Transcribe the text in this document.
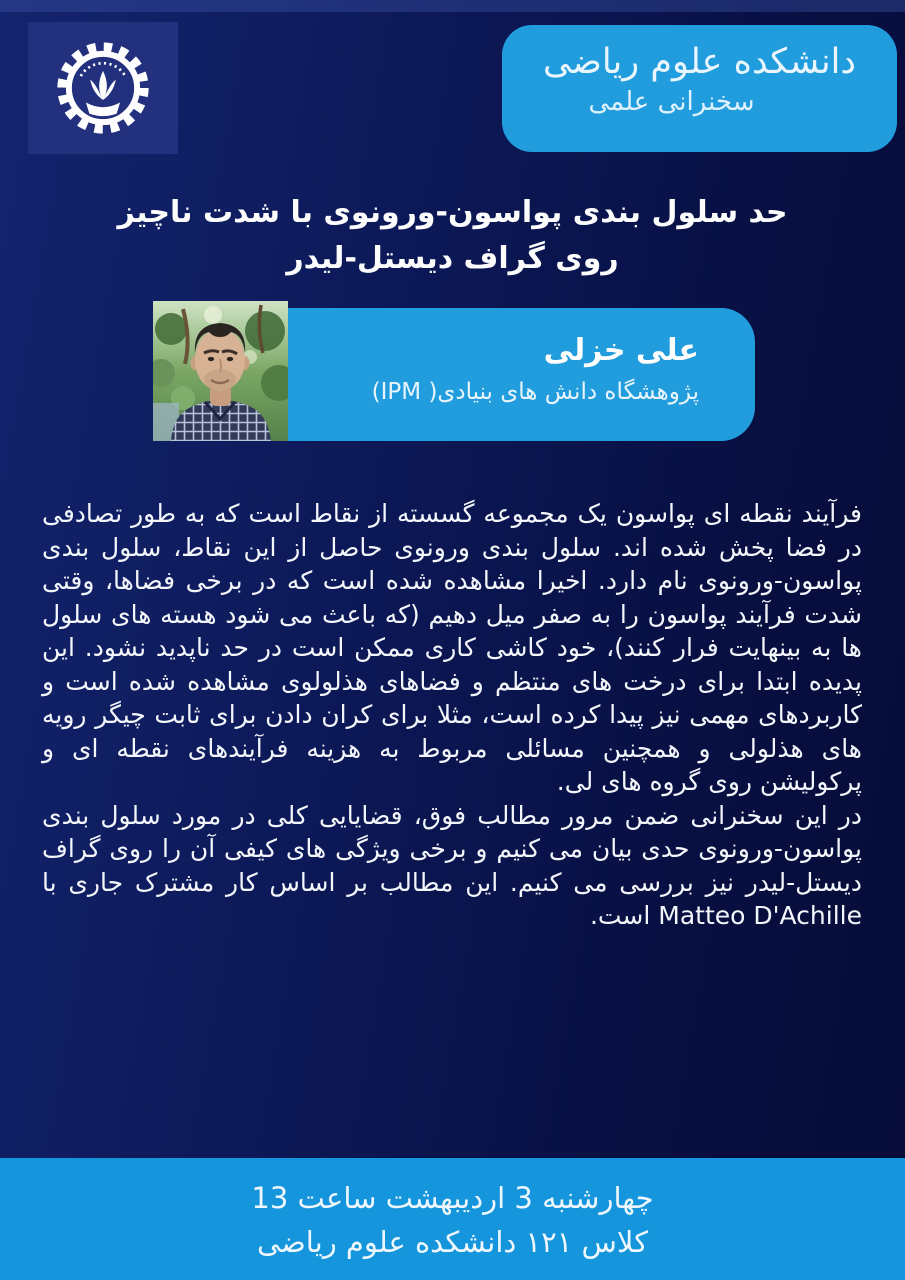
دانشکده علوم ریاضی
سخنرانی علمی
حد سلول بندی پواسون-ورونوی با شدت ناچیز
روی گراف دیستل-لیدر
علی خزلی
پژوهشگاه دانش های بنیادی( IPM)

فرآیند نقطه ای پواسون یک مجموعه گسسته از نقاط است که به طور تصادفی در فضا پخش شده اند. سلول بندی ورونوی حاصل از این نقاط، سلول بندی پواسون-ورونوی نام دارد. اخیرا مشاهده شده است که در برخی فضاها، وقتی شدت فرآیند پواسون را به صفر میل دهیم (که باعث می شود هسته های سلول ها به بینهایت فرار کنند)، خود کاشی کاری ممکن است در حد ناپدید نشود. این پدیده ابتدا برای درخت های منتظم و فضاهای هذلولوی مشاهده شده است و کاربردهای مهمی نیز پیدا کرده است، مثلا برای کران دادن برای ثابت چیگر رویه های هذلولی و همچنین مسائلی مربوط به هزینه فرآیندهای نقطه ای و پرکولیشن روی گروه های لی.

در این سخنرانی ضمن مرور مطالب فوق، قضایایی کلی در مورد سلول بندی پواسون-ورونوی حدی بیان می کنیم و برخی ویژگی های کیفی آن را روی گراف دیستل-لیدر نیز بررسی می کنیم. این مطالب بر اساس کار مشترک جاری با Matteo D'Achille است.

چهارشنبه 3 اردیبهشت ساعت 13
کلاس ۱۲۱ دانشکده علوم ریاضی
